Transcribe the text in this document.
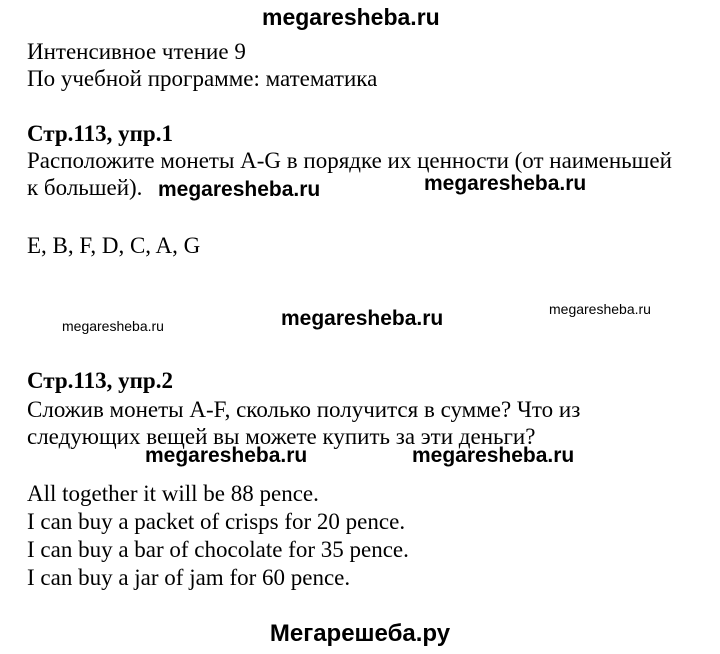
megaresheba.ru
Интенсивное чтение 9
По учебной программе: математика
Стр.113, упр.1
Расположите монеты A-G в порядке их ценности (от наименьшей
к большей). megaresheba.ru	megaresheba.ru
E, B, F, D, C, A, G
megaresheba.ru
megaresheba.ru	megaresheba.ru
Стр.113, упр.2
Сложив монеты A-F, сколько получится в сумме? Что из
следующих вещей вы можете купить за эти деньги?
megaresheba.ru	megaresheba.ru
All together it will be 88 pence.
I can buy a packet of crisps for 20 pence.
I can buy a bar of chocolate for 35 pence.
I can buy a jar of jam for 60 pence.
Мегарешеба.ру
